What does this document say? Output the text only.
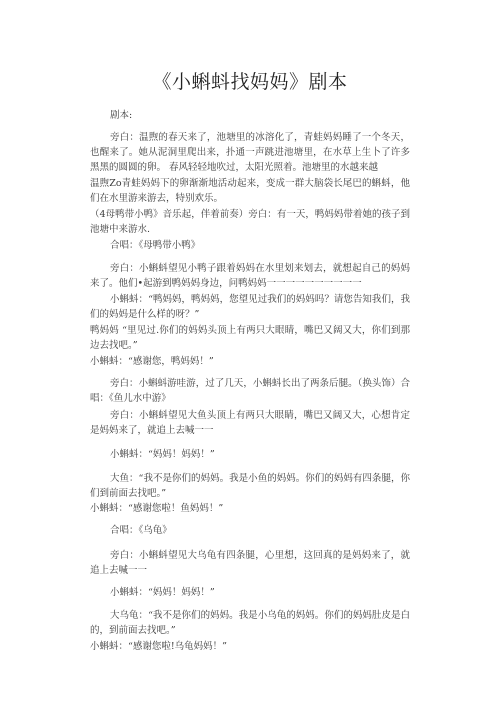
《小蝌蚪找妈妈》剧本
剧本:
旁白：温煦的春天来了，池塘里的冰溶化了，青蛙妈妈睡了一个冬天，也醒来了。她从泥洞里爬出来，扑通一声跳进池塘里，在水草上生卜了许多黑黑的圆圆的卵。 春风轻轻地吹过，太阳光照着。池塘里的水越来越
温煦Zo青蛙妈妈下的卵渐渐地活动起来，变成一群大脑袋长尾巴的蝌蚪，他们在水里游来游去，特别欢乐。
（4母鸭带小鸭》音乐起，伴着前奏）旁白：有一天，鸭妈妈带着她的孩子到池塘中来游水.
合唱：《母鸭带小鸭》
旁白：小蝌蚪望见小鸭子跟着妈妈在水里划来划去，就想起自己的妈妈来了。他们•起游到鸭妈妈身边，问鸭妈妈一一一一一一一一一一
小蝌蚪：“鸭妈妈，鸭妈妈，您望见过我们的妈妈吗？请您告知我们，我们的妈妈是什么样的呀？”
鸭妈妈 “里见过.你们的妈妈头顶上有两只大眼睛，嘴巴又阔又大，你们到那边去找吧。”
小蝌蚪：“感谢您，鸭妈妈！”
旁白：小蝌蚪游哇游，过了几天，小蝌蚪长出了两条后腿。（换头饰）合唱：《鱼儿水中游》
旁白：小蝌蚪望见大鱼头顶上有两只大眼睛，嘴巴又阔又大，心想肯定是妈妈来了，就追上去喊一一
小蝌蚪：“妈妈！妈妈！”
大鱼：“我不是你们的妈妈。我是小鱼的妈妈。你们的妈妈有四条腿，你们到前面去找吧。”
小蝌蚪：“感谢您啦！鱼妈妈！”
合唱：《乌龟》
旁白：小蝌蚪望见大乌龟有四条腿，心里想，这回真的是妈妈来了，就追上去喊一一
小蝌蚪：“妈妈！妈妈！”
大乌龟：“我不是你们的妈妈。我是小乌龟的妈妈。你们的妈妈肚皮是白的，到前面去找吧。”
小蝌蚪：“感谢您啦!乌龟妈妈！”
